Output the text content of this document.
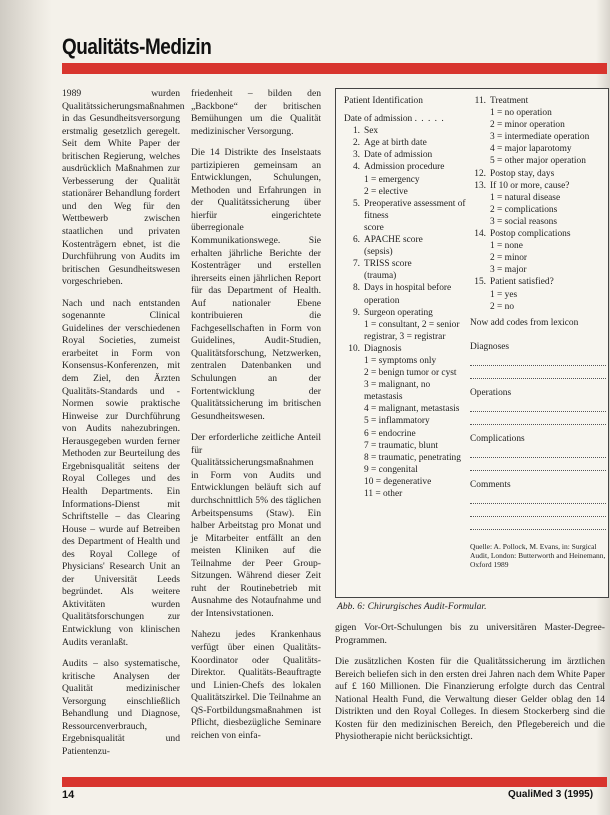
Qualitäts-Medizin

1989 wurden Qualitätssicherungsmaßnahmen in das Gesundheitsversorgung erstmalig gesetzlich geregelt. Seit dem White Paper der britischen Regierung, welches ausdrücklich Maßnahmen zur Verbesserung der Qualität stationärer Behandlung fordert und den Weg für den Wettbewerb zwischen staatlichen und privaten Kostenträgern ebnet, ist die Durchführung von Audits im britischen Gesundheitswesen vorgeschrieben.

Nach und nach entstanden sogenannte Clinical Guidelines der verschiedenen Royal Societies, zumeist erarbeitet in Form von Konsensus-Konferenzen, mit dem Ziel, den Ärzten Qualitäts-Standards und -Normen sowie praktische Hinweise zur Durchführung von Audits nahezubringen. Herausgegeben wurden ferner Methoden zur Beurteilung des Ergebnisqualität seitens der Royal Colleges und des Health Departments. Ein Informations-Dienst mit Schriftstelle – das Clearing House – wurde auf Betreiben des Department of Health und des Royal College of Physicians' Research Unit an der Universität Leeds begründet. Als weitere Aktivitäten wurden Qualitätsforschungen zur Entwicklung von klinischen Audits veranlaßt.

Audits – also systematische, kritische Analysen der Qualität medizinischer Versorgung einschließlich Behandlung und Diagnose, Ressourcenverbrauch, Ergebnisqualität und Patientenzu-

friedenheit – bilden den „Backbone“ der britischen Bemühungen um die Qualität medizinischer Versorgung.

Die 14 Distrikte des Inselstaats partizipieren gemeinsam an Entwicklungen, Schulungen, Methoden und Erfahrungen in der Qualitätssicherung über hierfür eingerichtete überregionale Kommunikationswege. Sie erhalten jährliche Berichte der Kostenträger und erstellen ihrerseits einen jährlichen Report für das Department of Health. Auf nationaler Ebene kontribuieren die Fachgesellschaften in Form von Guidelines, Audit-Studien, Qualitätsforschung, Netzwerken, zentralen Datenbanken und Schulungen an der Fortentwicklung der Qualitätssicherung im britischen Gesundheitswesen.

Der erforderliche zeitliche Anteil für Qualitätssicherungsmaßnahmen in Form von Audits und Entwicklungen beläuft sich auf durchschnittlich 5% des täglichen Arbeitspensums (Staw). Ein halber Arbeitstag pro Monat und je Mitarbeiter entfällt an den meisten Kliniken auf die Teilnahme der Peer Group-Sitzungen. Während dieser Zeit ruht der Routinebetrieb mit Ausnahme des Notaufnahme und der Intensivstationen.

Nahezu jedes Krankenhaus verfügt über einen Qualitäts-Koordinator oder Qualitäts-Direktor. Qualitäts-Beauftragte und Linien-Chefs des lokalen Qualitätszirkel. Die Teilnahme an QS-Fortbildungsmaßnahmen ist Pflicht, diesbezügliche Seminare reichen von einfa-

Patient Identification
Date of admission . . . . .
1. Sex
2. Age at birth date
3. Date of admission
4. Admission procedure
1 = emergency
2 = elective
5. Preoperative assessment of fitness
score
6. APACHE score
(sepsis)
7. TRISS score
(trauma)
8. Days in hospital before operation
9. Surgeon operating
1 = consultant, 2 = senior registrar, 3 = registrar
10. Diagnosis
1 = symptoms only
2 = benign tumor or cyst
3 = malignant, no metastasis
4 = malignant, metastasis
5 = inflammatory
6 = endocrine
7 = traumatic, blunt
8 = traumatic, penetrating
9 = congenital
10 = degenerative
11 = other
11. Treatment
1 = no operation
2 = minor operation
3 = intermediate operation
4 = major laparotomy
5 = other major operation
12. Postop stay, days
13. If 10 or more, cause?
1 = natural disease
2 = complications
3 = social reasons
14. Postop complications
1 = none
2 = minor
3 = major
15. Patient satisfied?
1 = yes
2 = no
Now add codes from lexicon
Diagnoses
Operations
Complications
Comments
Quelle: A. Pollock, M. Evans, in: Surgical Audit, London: Butterworth and Heinemann, Oxford 1989
Abb. 6: Chirurgisches Audit-Formular.

gigen Vor-Ort-Schulungen bis zu universitären Master-Degree-Programmen.

Die zusätzlichen Kosten für die Qualitätssicherung im ärztlichen Bereich beliefen sich in den ersten drei Jahren nach dem White Paper auf £ 160 Millionen. Die Finanzierung erfolgte durch das Central National Health Fund, die Verwaltung dieser Gelder oblag den 14 Distrikten und den Royal Colleges. In diesem Stockerberg sind die Kosten für den medizinischen Bereich, den Pflegebereich und die Physiotherapie nicht berücksichtigt.

14	QualiMed 3 (1995)
